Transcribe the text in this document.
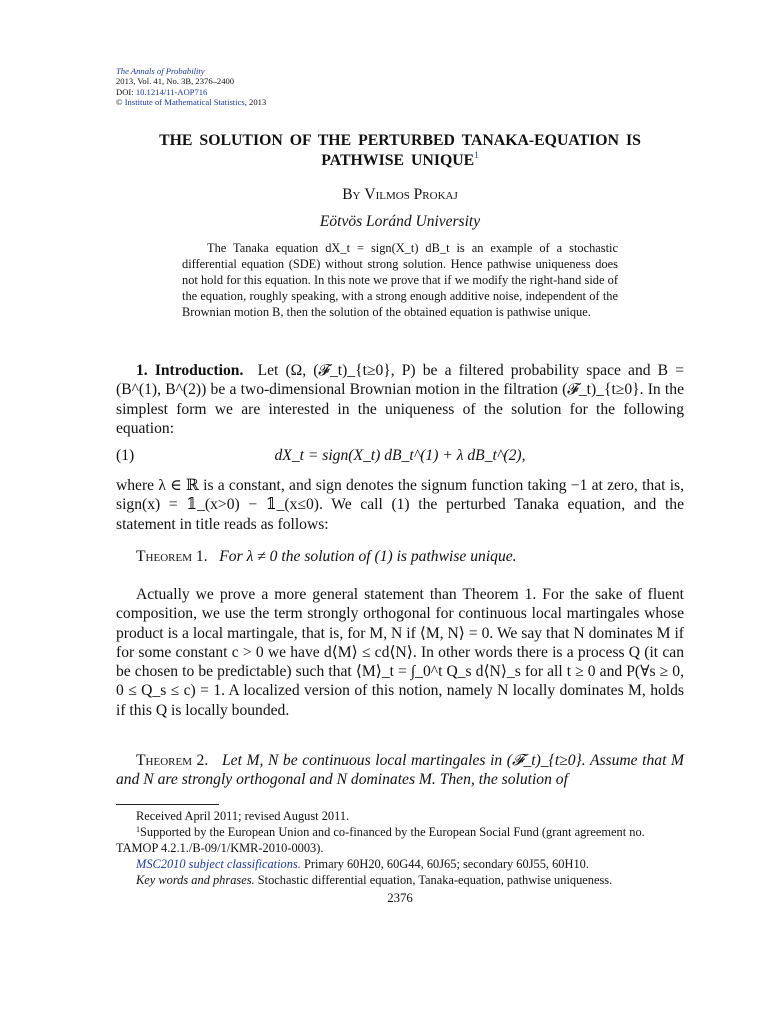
The Annals of Probability
2013, Vol. 41, No. 3B, 2376–2400
DOI: 10.1214/11-AOP716
© Institute of Mathematical Statistics, 2013
THE SOLUTION OF THE PERTURBED TANAKA-EQUATION IS
PATHWISE UNIQUE$^1$
By Vilmos Prokaj
Eötvös Loránd University
The Tanaka equation dX_t = sign(X_t) dB_t is an example of a stochastic differential equation (SDE) without strong solution. Hence pathwise uniqueness does not hold for this equation. In this note we prove that if we modify the right-hand side of the equation, roughly speaking, with a strong enough additive noise, independent of the Brownian motion B, then the solution of the obtained equation is pathwise unique.
1. Introduction. Let (Ω, (𝓕_t)_{t≥0}, P) be a filtered probability space and B = (B^(1), B^(2)) be a two-dimensional Brownian motion in the filtration (𝓕_t)_{t≥0}. In the simplest form we are interested in the uniqueness of the solution for the following equation:
(1)	dX_t = sign(X_t) dB_t^(1) + λ dB_t^(2),
where λ ∈ ℝ is a constant, and sign denotes the signum function taking −1 at zero, that is, sign(x) = 𝟙_(x>0) − 𝟙_(x≤0). We call (1) the perturbed Tanaka equation, and the statement in title reads as follows:
Theorem 1. For λ ≠ 0 the solution of (1) is pathwise unique.
Actually we prove a more general statement than Theorem 1. For the sake of fluent composition, we use the term strongly orthogonal for continuous local martingales whose product is a local martingale, that is, for M, N if ⟨M, N⟩ = 0. We say that N dominates M if for some constant c > 0 we have d⟨M⟩ ≤ cd⟨N⟩. In other words there is a process Q (it can be chosen to be predictable) such that ⟨M⟩_t = ∫_0^t Q_s d⟨N⟩_s for all t ≥ 0 and P(∀s ≥ 0, 0 ≤ Q_s ≤ c) = 1. A localized version of this notion, namely N locally dominates M, holds if this Q is locally bounded.
Theorem 2. Let M, N be continuous local martingales in (𝓕_t)_{t≥0}. Assume that M and N are strongly orthogonal and N dominates M. Then, the solution of
Received April 2011; revised August 2011.
$^1$Supported by the European Union and co-financed by the European Social Fund (grant agreement no. TAMOP 4.2.1./B-09/1/KMR-2010-0003).
MSC2010 subject classifications. Primary 60H20, 60G44, 60J65; secondary 60J55, 60H10.
Key words and phrases. Stochastic differential equation, Tanaka-equation, pathwise uniqueness.
2376
